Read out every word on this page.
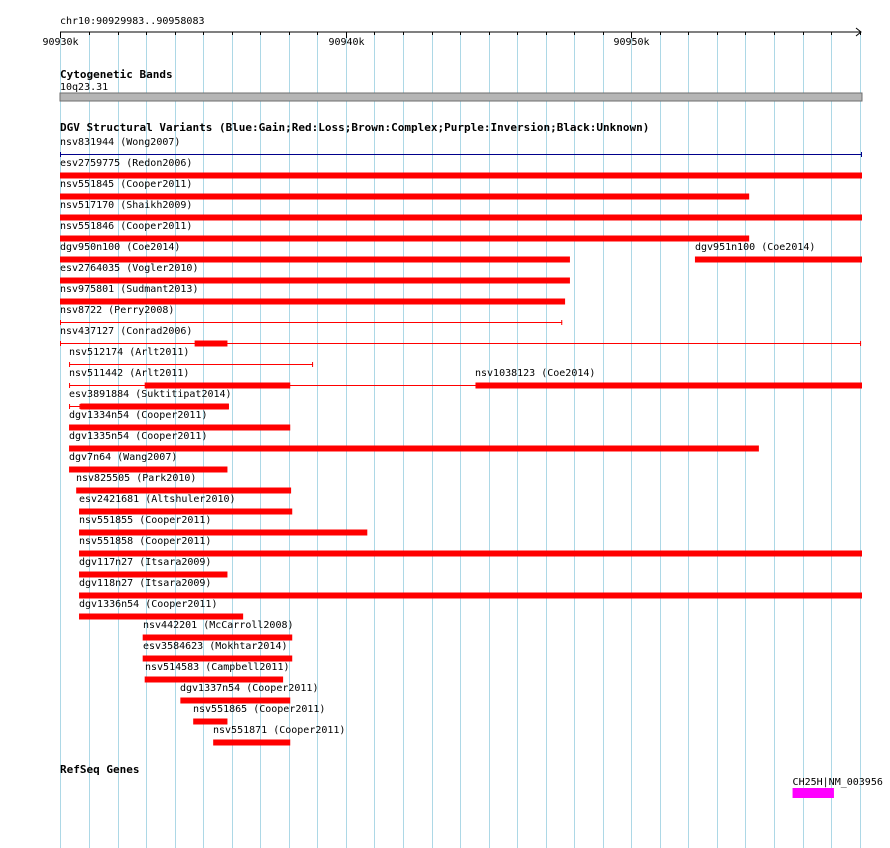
chr10:90929983..90958083
90930k	90940k	90950k
Cytogenetic Bands
10q23.31
DGV Structural Variants (Blue:Gain;Red:Loss;Brown:Complex;Purple:Inversion;Black:Unknown)
nsv831944 (Wong2007)
esv2759775 (Redon2006)
nsv551845 (Cooper2011)
nsv517170 (Shaikh2009)
nsv551846 (Cooper2011)
dgv950n100 (Coe2014)	dgv951n100 (Coe2014)
esv2764035 (Vogler2010)
nsv975801 (Sudmant2013)
nsv8722 (Perry2008)
nsv437127 (Conrad2006)
nsv512174 (Arlt2011)
nsv1038123 (Coe2014)
nsv511442 (Arlt2011)
esv3891884 (Suktitipat2014)
dgv1334n54 (Cooper2011)
dgv1335n54 (Cooper2011)
dgv7n64 (Wang2007)
nsv825505 (Park2010)
esv2421681 (Altshuler2010)
nsv551855 (Cooper2011)
nsv551858 (Cooper2011)
dgv117n27 (Itsara2009)
dgv118n27 (Itsara2009)
dgv1336n54 (Cooper2011)
nsv442201 (McCarroll2008)
esv3584623 (Mokhtar2014)
nsv514583 (Campbell2011)
dgv1337n54 (Cooper2011)
nsv551865 (Cooper2011)
nsv551871 (Cooper2011)
RefSeq Genes
CH25H|NM_003956
